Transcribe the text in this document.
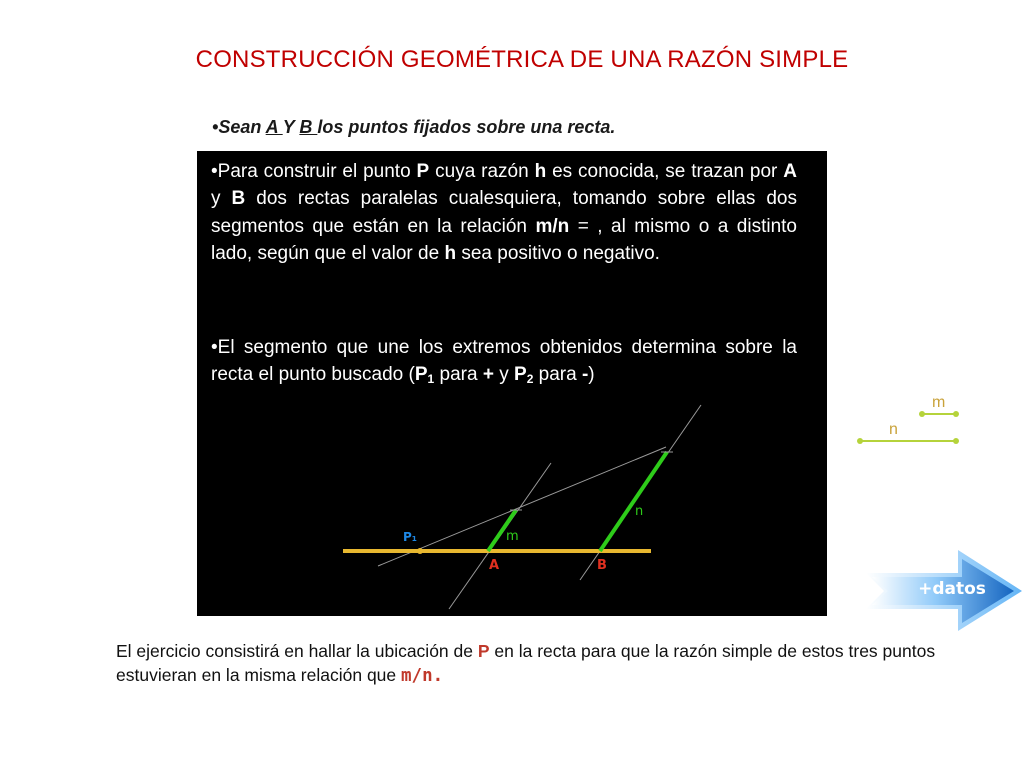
CONSTRUCCIÓN GEOMÉTRICA DE UNA RAZÓN SIMPLE
•Sean A Y B los puntos fijados sobre una recta.
•Para construir el punto P cuya razón h es conocida, se trazan por A y B dos rectas paralelas cualesquiera, tomando sobre ellas dos segmentos que están en la relación m/n = , al mismo o a distinto lado, según que el valor de h sea positivo o negativo.
•El segmento que une los extremos obtenidos determina sobre la recta el punto buscado ($P_1$ para + y $P_2$ para -)
P₁	m
n
A	B
m
n
+datos
El ejercicio consistirá en hallar la ubicación de P en la recta para que la razón simple de estos tres puntos estuvieran en la misma relación que m/n.
